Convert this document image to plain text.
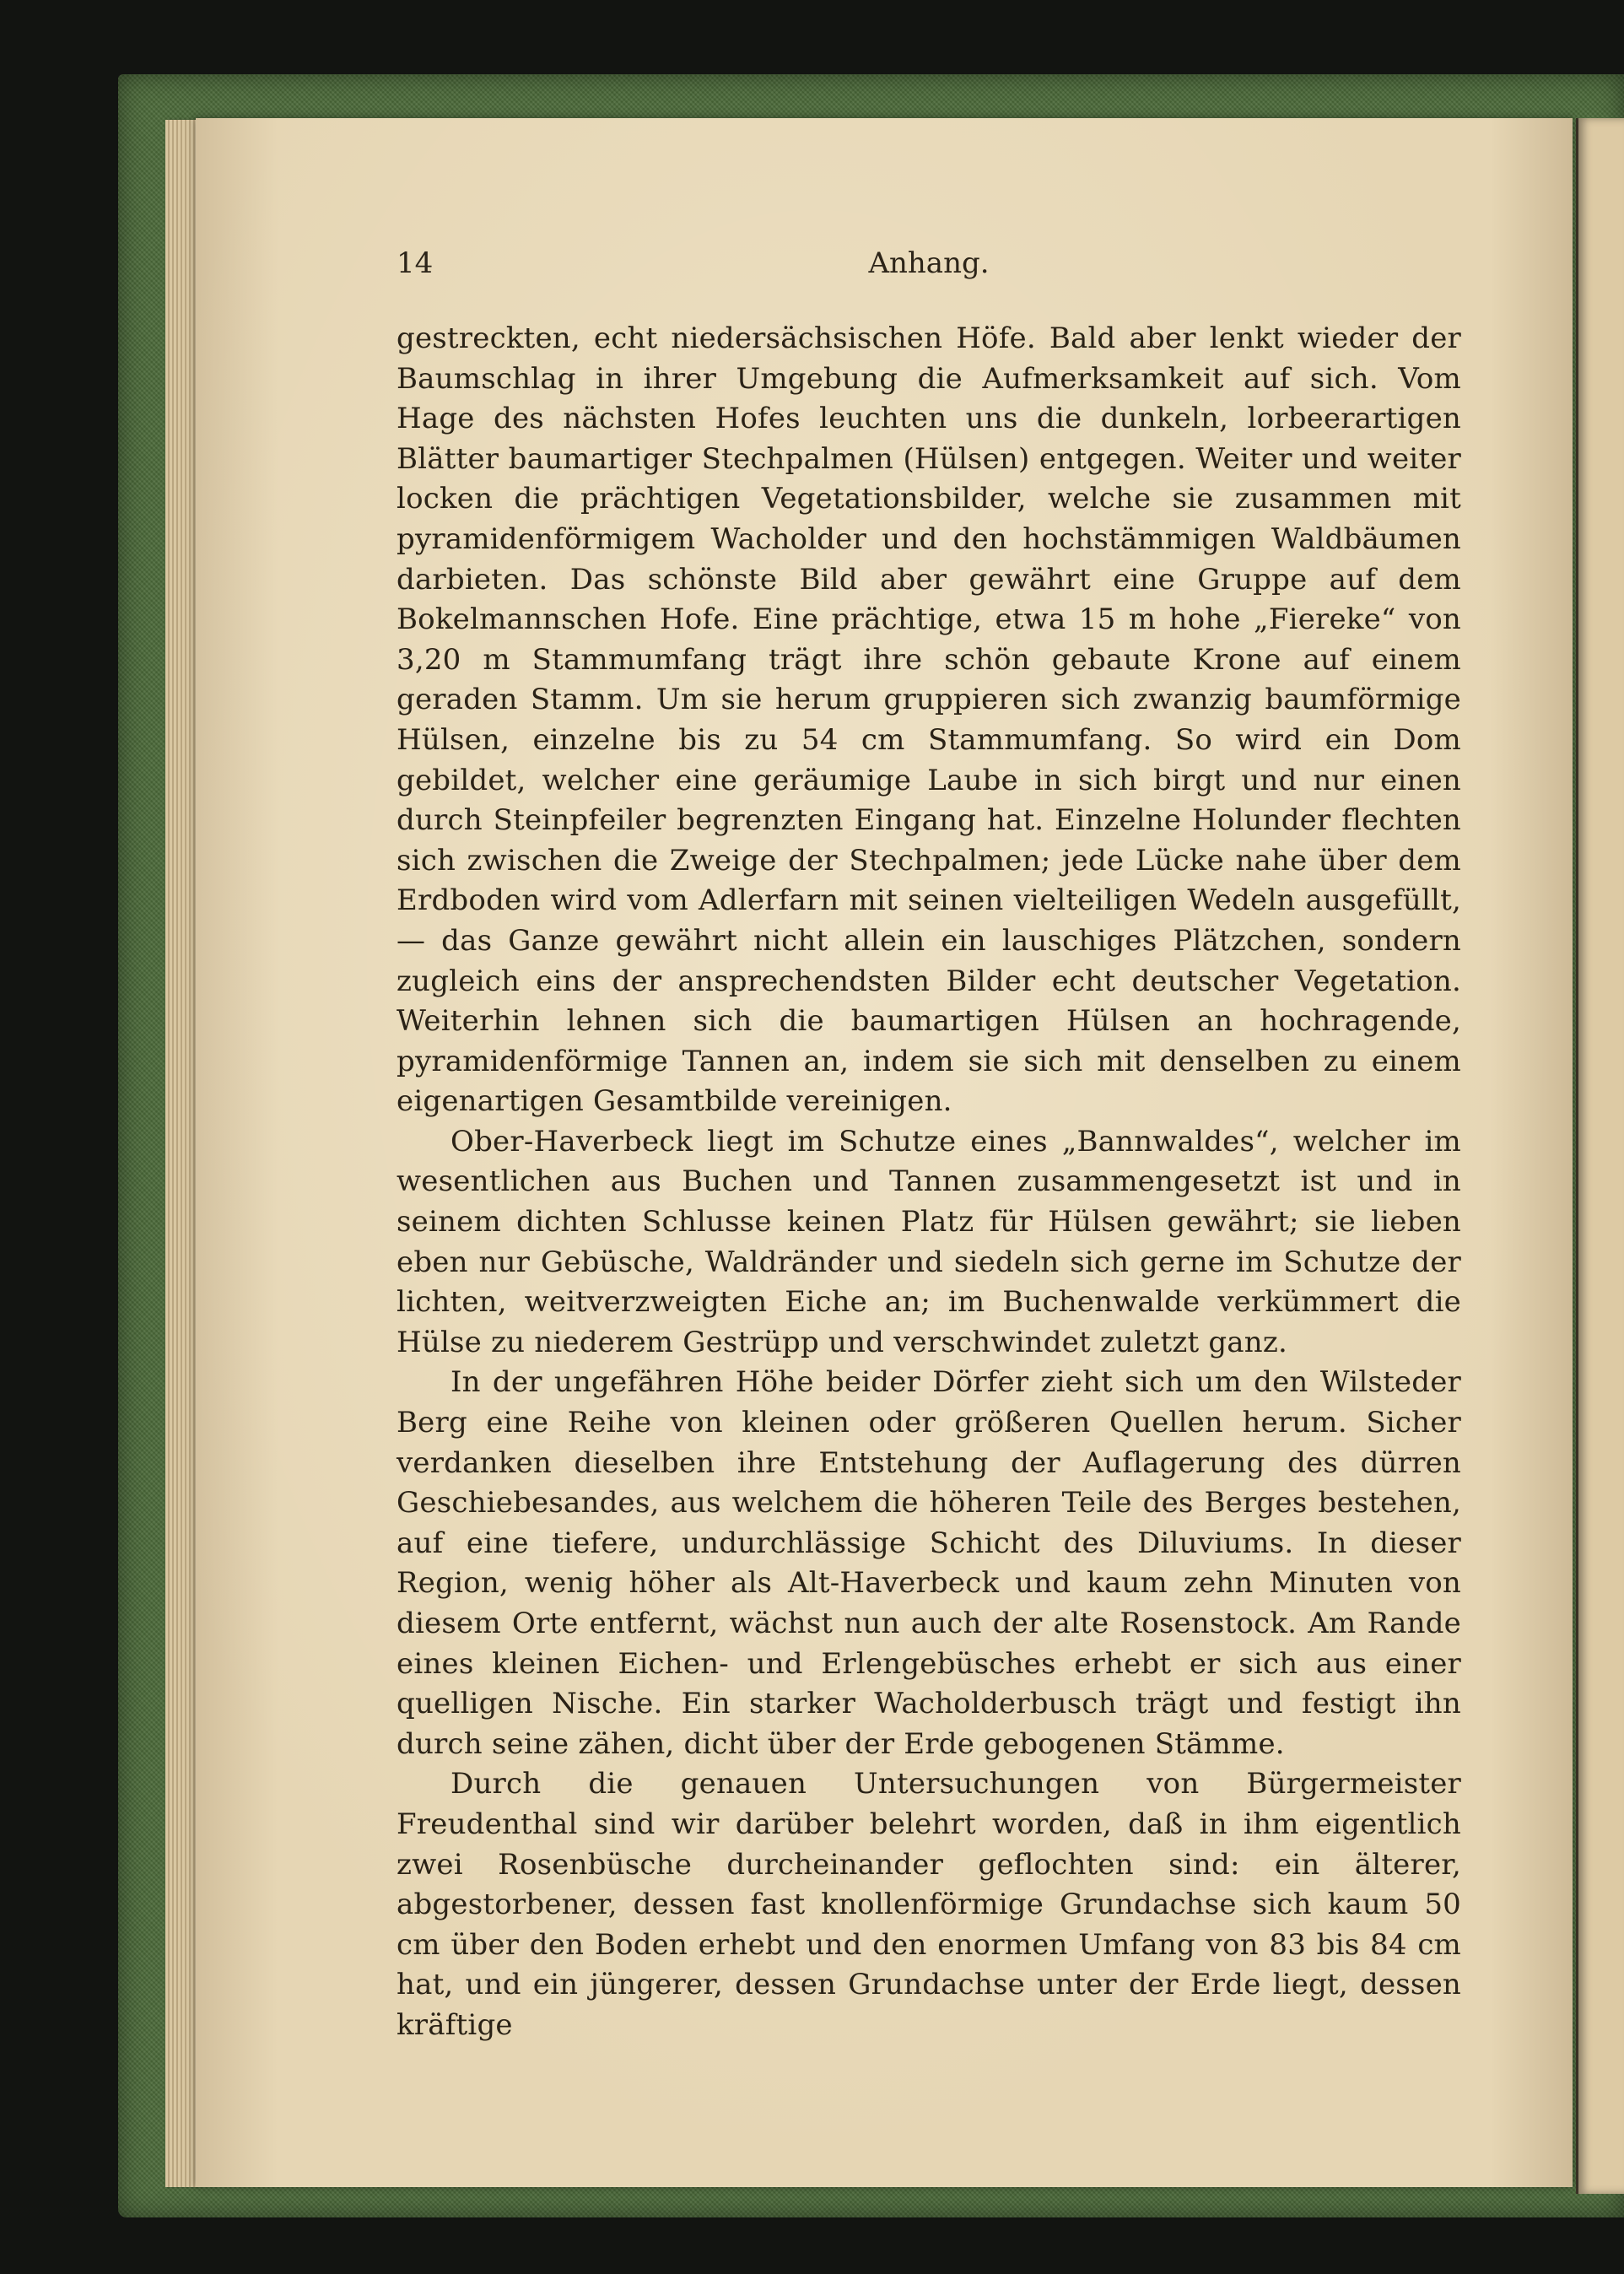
14	Anhang.

gestreckten, echt niedersächsischen Höfe. Bald aber lenkt wieder der Baumschlag in ihrer Umgebung die Aufmerksamkeit auf sich. Vom Hage des nächsten Hofes leuchten uns die dunkeln, lorbeerartigen Blätter baumartiger Stechpalmen (Hülsen) entgegen. Weiter und weiter locken die prächtigen Vegetationsbilder, welche sie zusammen mit pyramidenförmigem Wacholder und den hochstämmigen Waldbäumen darbieten. Das schönste Bild aber gewährt eine Gruppe auf dem Bokelmannschen Hofe. Eine prächtige, etwa 15 m hohe „Fiereke“ von 3,20 m Stammumfang trägt ihre schön gebaute Krone auf einem geraden Stamm. Um sie herum gruppieren sich zwanzig baumförmige Hülsen, einzelne bis zu 54 cm Stammumfang. So wird ein Dom gebildet, welcher eine geräumige Laube in sich birgt und nur einen durch Steinpfeiler begrenzten Eingang hat. Einzelne Holunder flechten sich zwischen die Zweige der Stechpalmen; jede Lücke nahe über dem Erdboden wird vom Adlerfarn mit seinen vielteiligen Wedeln ausgefüllt, — das Ganze gewährt nicht allein ein lauschiges Plätzchen, sondern zugleich eins der ansprechendsten Bilder echt deutscher Vegetation. Weiterhin lehnen sich die baumartigen Hülsen an hochragende, pyramidenförmige Tannen an, indem sie sich mit denselben zu einem eigenartigen Gesamtbilde vereinigen.

Ober-Haverbeck liegt im Schutze eines „Bannwaldes“, welcher im wesentlichen aus Buchen und Tannen zusammengesetzt ist und in seinem dichten Schlusse keinen Platz für Hülsen gewährt; sie lieben eben nur Gebüsche, Waldränder und siedeln sich gerne im Schutze der lichten, weitverzweigten Eiche an; im Buchenwalde verkümmert die Hülse zu niederem Gestrüpp und verschwindet zuletzt ganz.

In der ungefähren Höhe beider Dörfer zieht sich um den Wilsteder Berg eine Reihe von kleinen oder größeren Quellen herum. Sicher verdanken dieselben ihre Entstehung der Auflagerung des dürren Geschiebesandes, aus welchem die höheren Teile des Berges bestehen, auf eine tiefere, undurchlässige Schicht des Diluviums. In dieser Region, wenig höher als Alt-Haverbeck und kaum zehn Minuten von diesem Orte entfernt, wächst nun auch der alte Rosenstock. Am Rande eines kleinen Eichen- und Erlengebüsches erhebt er sich aus einer quelligen Nische. Ein starker Wacholderbusch trägt und festigt ihn durch seine zähen, dicht über der Erde gebogenen Stämme.

Durch die genauen Untersuchungen von Bürgermeister Freudenthal sind wir darüber belehrt worden, daß in ihm eigentlich zwei Rosenbüsche durcheinander geflochten sind: ein älterer, abgestorbener, dessen fast knollenförmige Grundachse sich kaum 50 cm über den Boden erhebt und den enormen Umfang von 83 bis 84 cm hat, und ein jüngerer, dessen Grundachse unter der Erde liegt, dessen kräftige
